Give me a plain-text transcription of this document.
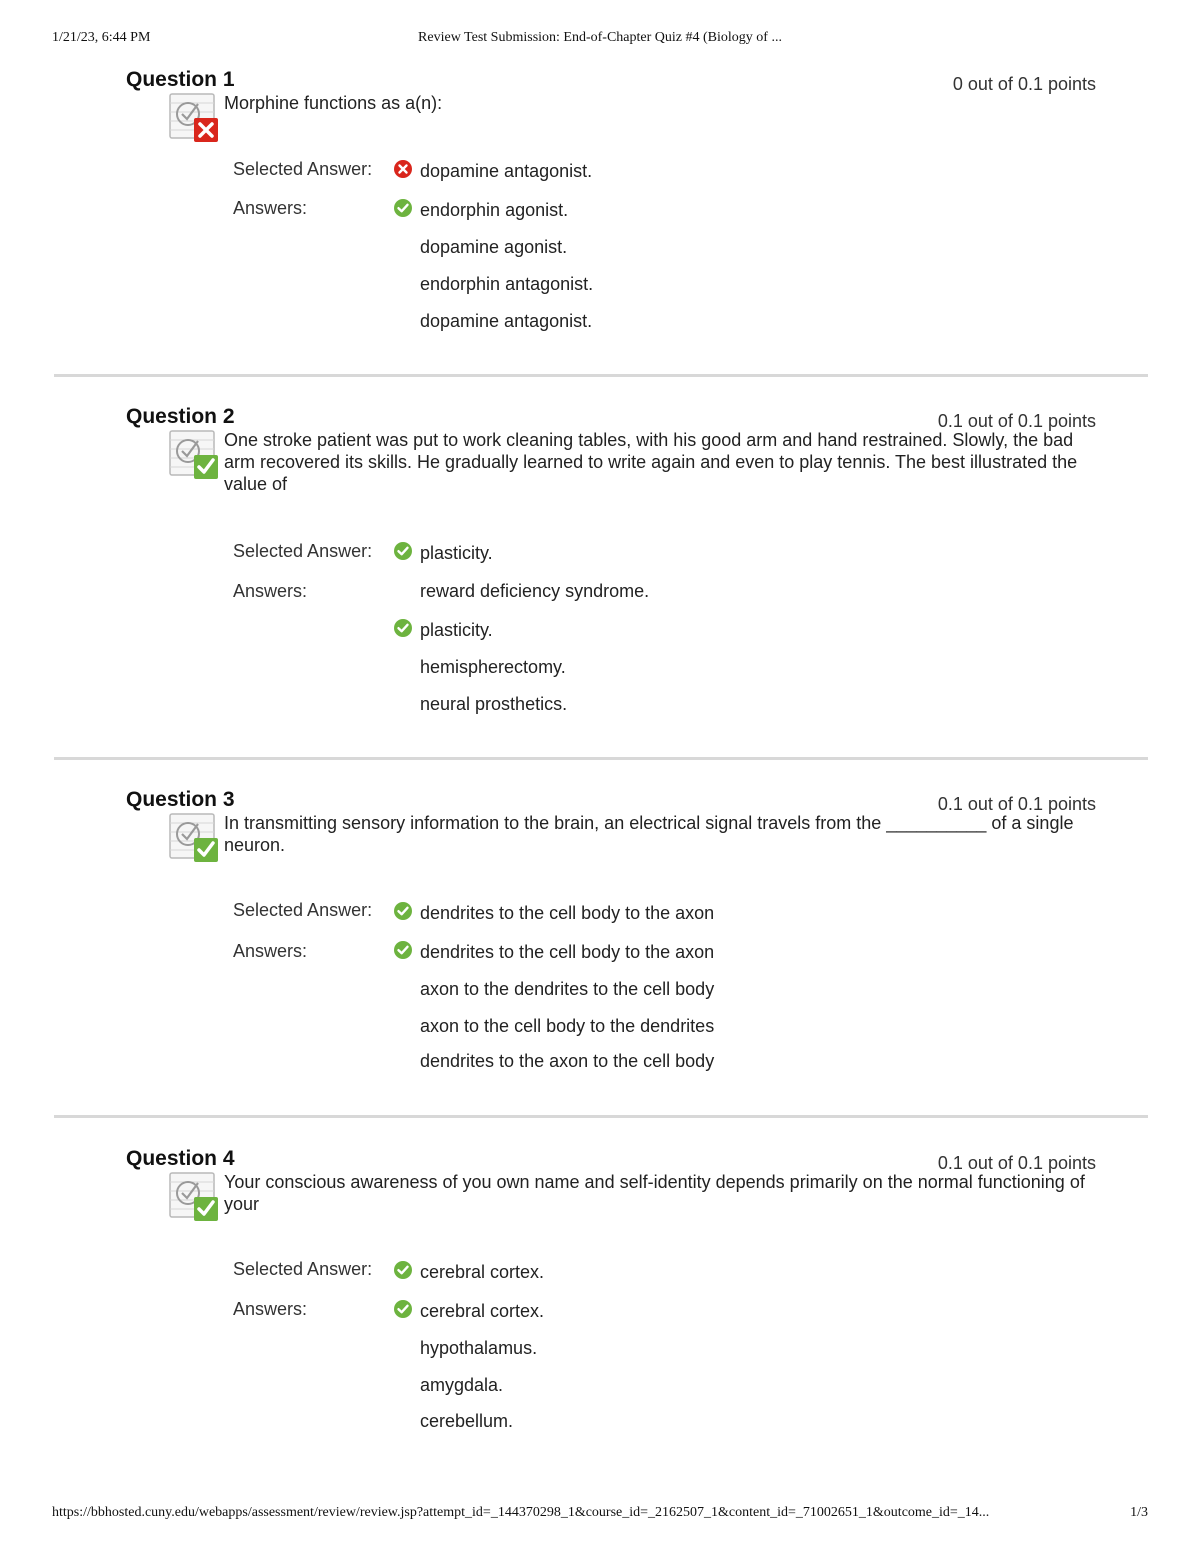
1/21/23, 6:44 PM	Review Test Submission: End-of-Chapter Quiz #4 (Biology of ...
Question 1	0 out of 0.1 points
Morphine functions as a(n):
Selected Answer:	dopamine antagonist.
Answers:	endorphin agonist.
dopamine agonist.
endorphin antagonist.
dopamine antagonist.
Question 2	0.1 out of 0.1 points
One stroke patient was put to work cleaning tables, with his good arm and hand restrained. Slowly, the bad arm recovered its skills. He gradually learned to write again and even to play tennis. The best illustrated the value of
Selected Answer:	plasticity.
Answers:	reward deficiency syndrome.
plasticity.
hemispherectomy.
neural prosthetics.
Question 3	0.1 out of 0.1 points
In transmitting sensory information to the brain, an electrical signal travels from the __________ of a single neuron.
Selected Answer:	dendrites to the cell body to the axon
Answers:	dendrites to the cell body to the axon
axon to the dendrites to the cell body
axon to the cell body to the dendrites
dendrites to the axon to the cell body
Question 4	0.1 out of 0.1 points
Your conscious awareness of you own name and self-identity depends primarily on the normal functioning of your
Selected Answer:	cerebral cortex.
Answers:	cerebral cortex.
hypothalamus.
amygdala.
cerebellum.
https://bbhosted.cuny.edu/webapps/assessment/review/review.jsp?attempt_id=_144370298_1&course_id=_2162507_1&content_id=_71002651_1&outcome_id=_14...	1/3
